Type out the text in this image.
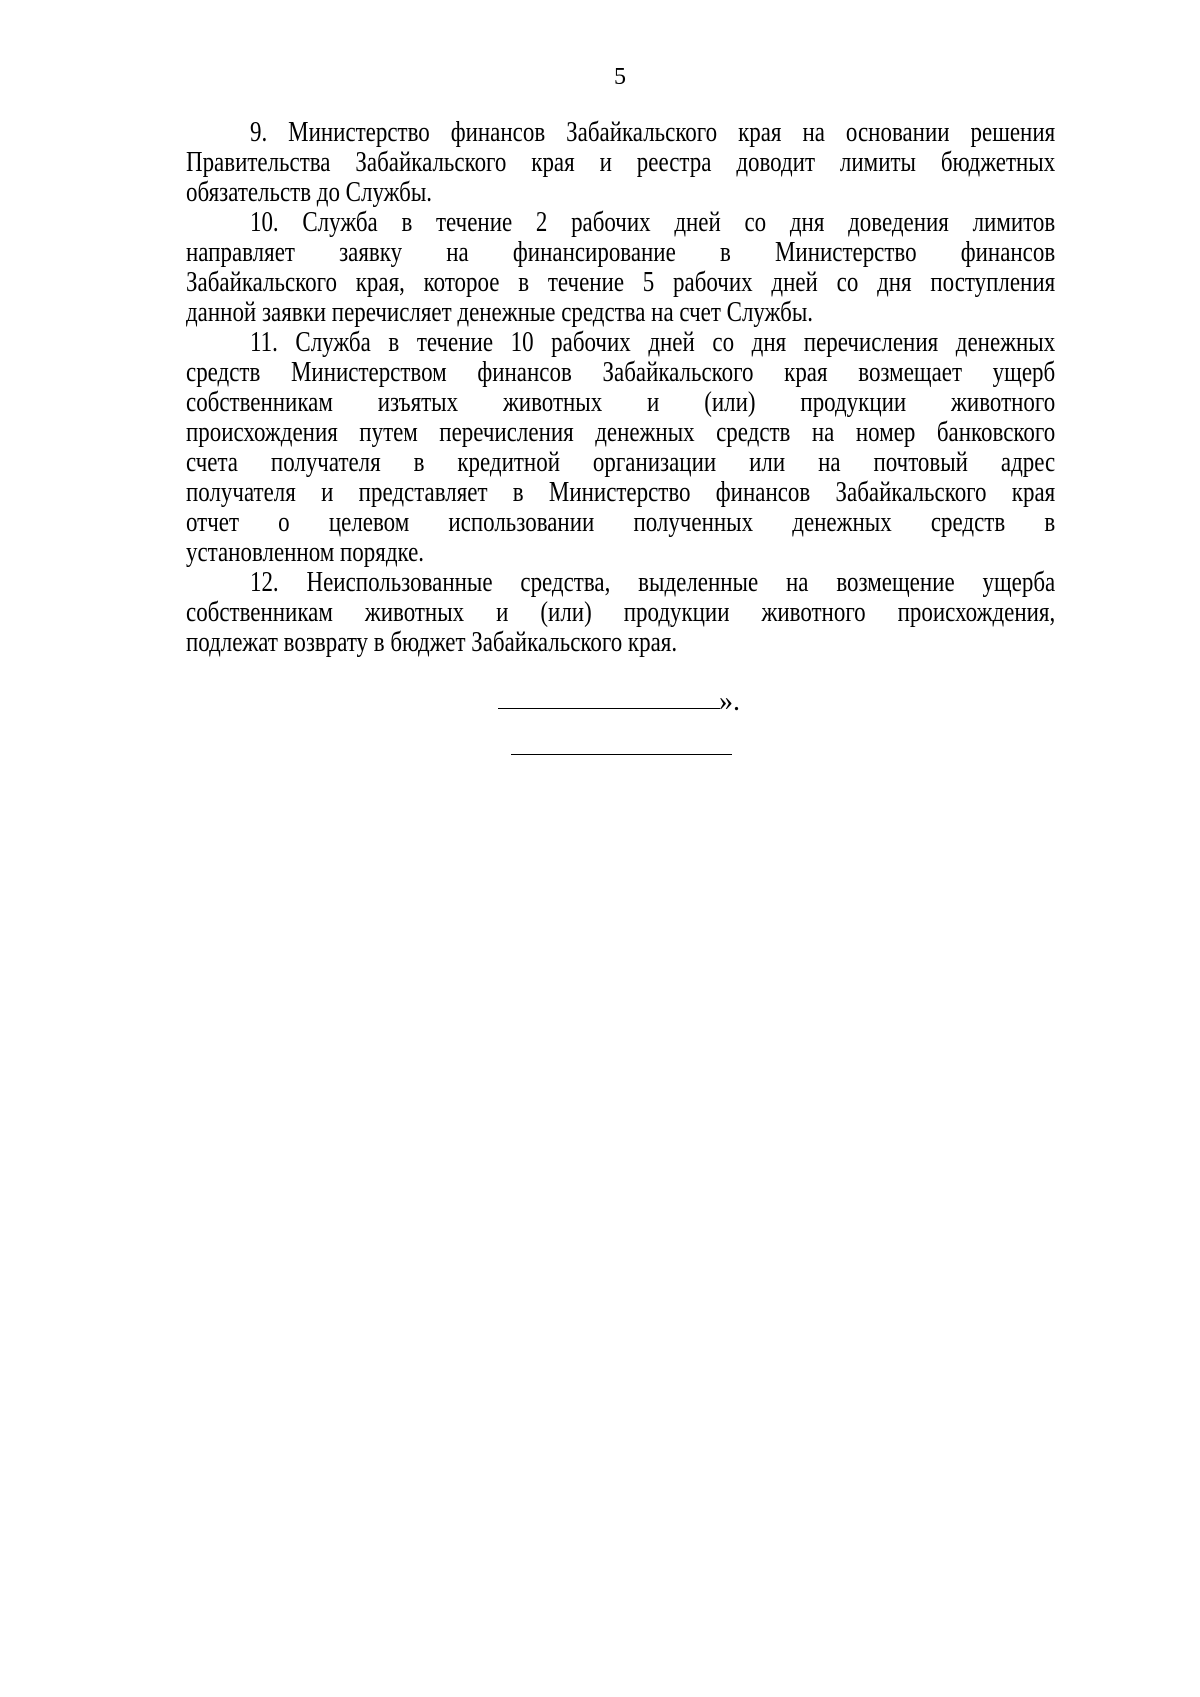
5
9. Министерство финансов Забайкальского края на основании решения
Правительства Забайкальского края и реестра доводит лимиты бюджетных
обязательств до Службы.
10. Служба в течение 2 рабочих дней со дня доведения лимитов
направляет заявку на финансирование в Министерство финансов
Забайкальского края, которое в течение 5 рабочих дней со дня поступления
данной заявки перечисляет денежные средства на счет Службы.
11. Служба в течение 10 рабочих дней со дня перечисления денежных
средств Министерством финансов Забайкальского края возмещает ущерб
собственникам изъятых животных и (или) продукции животного
происхождения путем перечисления денежных средств на номер банковского
счета получателя в кредитной организации или на почтовый адрес
получателя и представляет в Министерство финансов Забайкальского края
отчет о целевом использовании полученных денежных средств в
установленном порядке.
12. Неиспользованные средства, выделенные на возмещение ущерба
собственникам животных и (или) продукции животного происхождения,
подлежат возврату в бюджет Забайкальского края.
».
